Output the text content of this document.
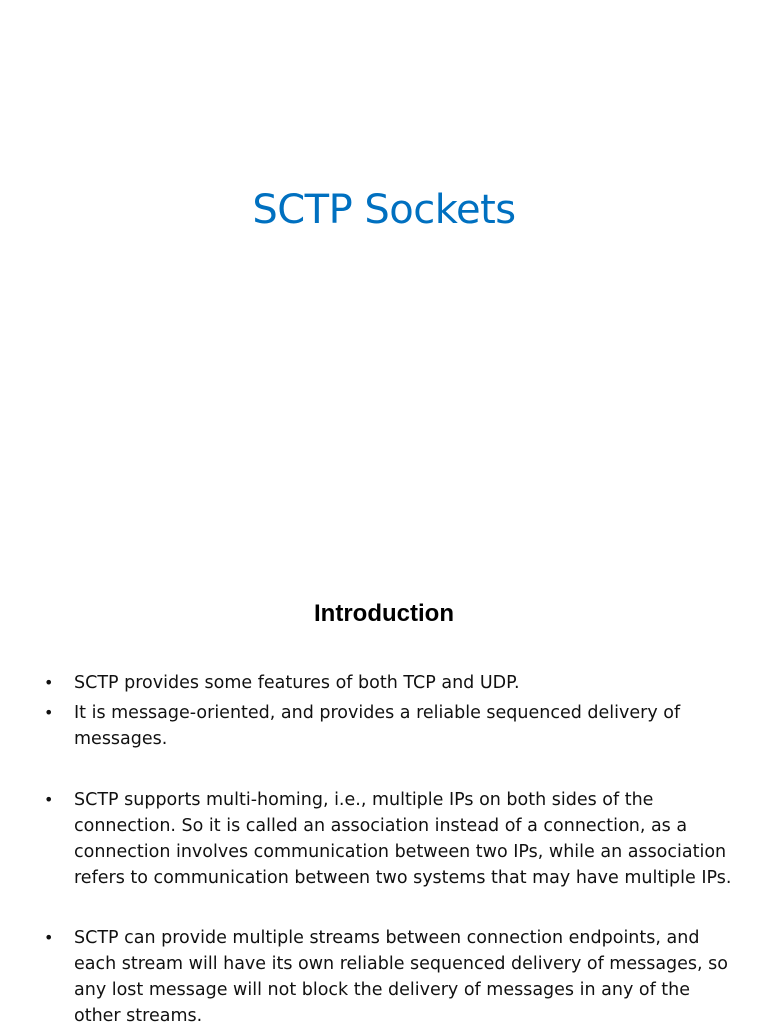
SCTP Sockets
Introduction
•	SCTP provides some features of both TCP and UDP.
•	It is message-oriented, and provides a reliable sequenced delivery of messages.
•	SCTP supports multi-homing, i.e., multiple IPs on both sides of the connection. So it is called an association instead of a connection, as a connection involves communication between two IPs, while an association refers to communication between two systems that may have multiple IPs.
•	SCTP can provide multiple streams between connection endpoints, and each stream will have its own reliable sequenced delivery of messages, so any lost message will not block the delivery of messages in any of the other streams.
